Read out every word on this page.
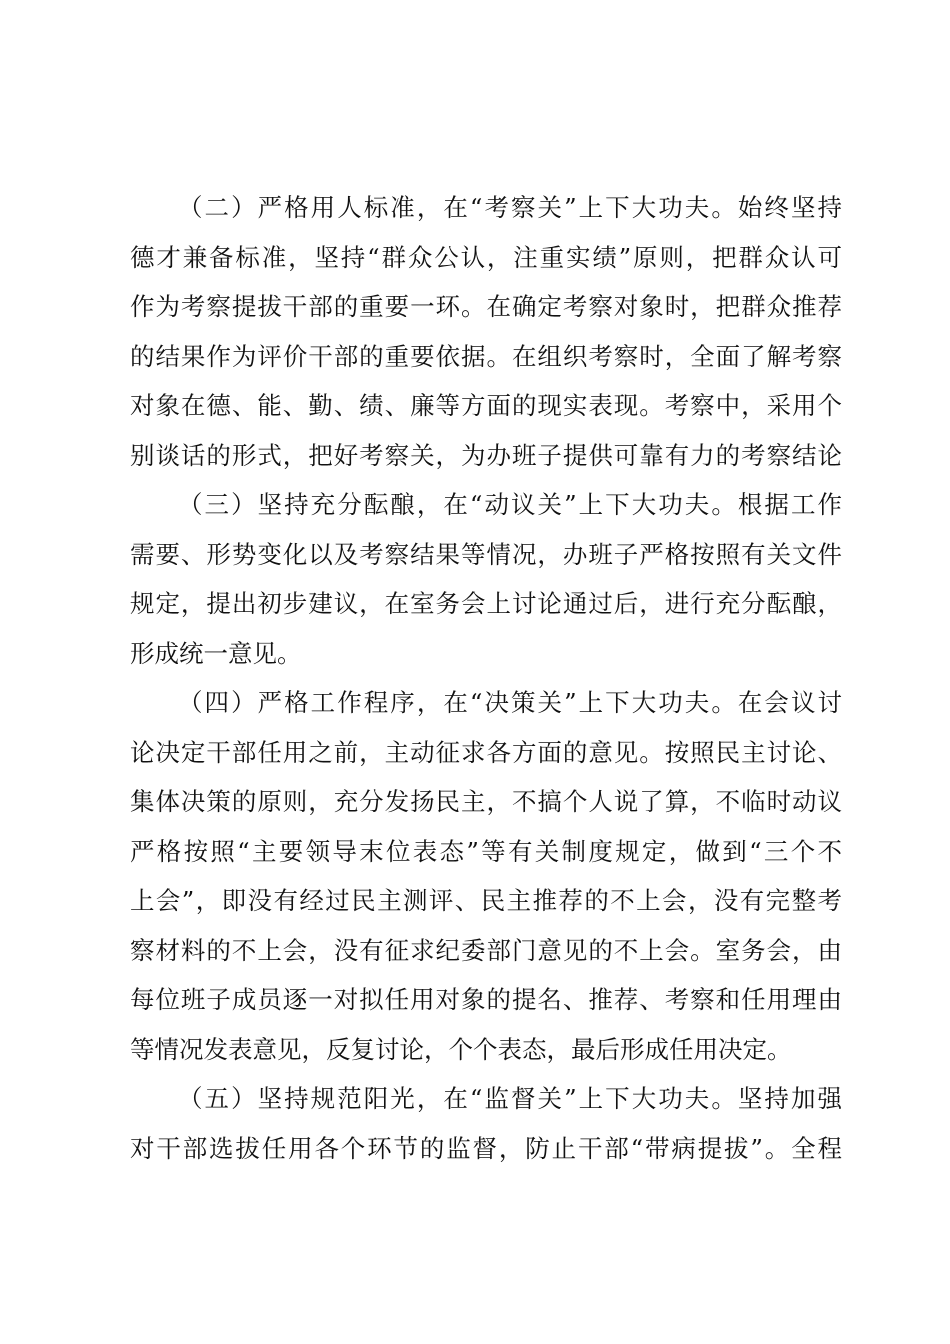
（二）严格用人标准，在“考察关”上下大功夫。始终坚持
德才兼备标准，坚持“群众公认，注重实绩”原则，把群众认可
作为考察提拔干部的重要一环。在确定考察对象时，把群众推荐
的结果作为评价干部的重要依据。在组织考察时，全面了解考察
对象在德、能、勤、绩、廉等方面的现实表现。考察中，采用个
别谈话的形式，把好考察关，为办班子提供可靠有力的考察结论
（三）坚持充分酝酿，在“动议关”上下大功夫。根据工作
需要、形势变化以及考察结果等情况，办班子严格按照有关文件
规定，提出初步建议，在室务会上讨论通过后，进行充分酝酿，
形成统一意见。
（四）严格工作程序，在“决策关”上下大功夫。在会议讨
论决定干部任用之前，主动征求各方面的意见。按照民主讨论、
集体决策的原则，充分发扬民主，不搞个人说了算，不临时动议
严格按照“主要领导末位表态”等有关制度规定，做到“三个不
上会”，即没有经过民主测评、民主推荐的不上会，没有完整考
察材料的不上会，没有征求纪委部门意见的不上会。室务会，由
每位班子成员逐一对拟任用对象的提名、推荐、考察和任用理由
等情况发表意见，反复讨论，个个表态，最后形成任用决定。
（五）坚持规范阳光，在“监督关”上下大功夫。坚持加强
对干部选拔任用各个环节的监督，防止干部“带病提拔”。全程
